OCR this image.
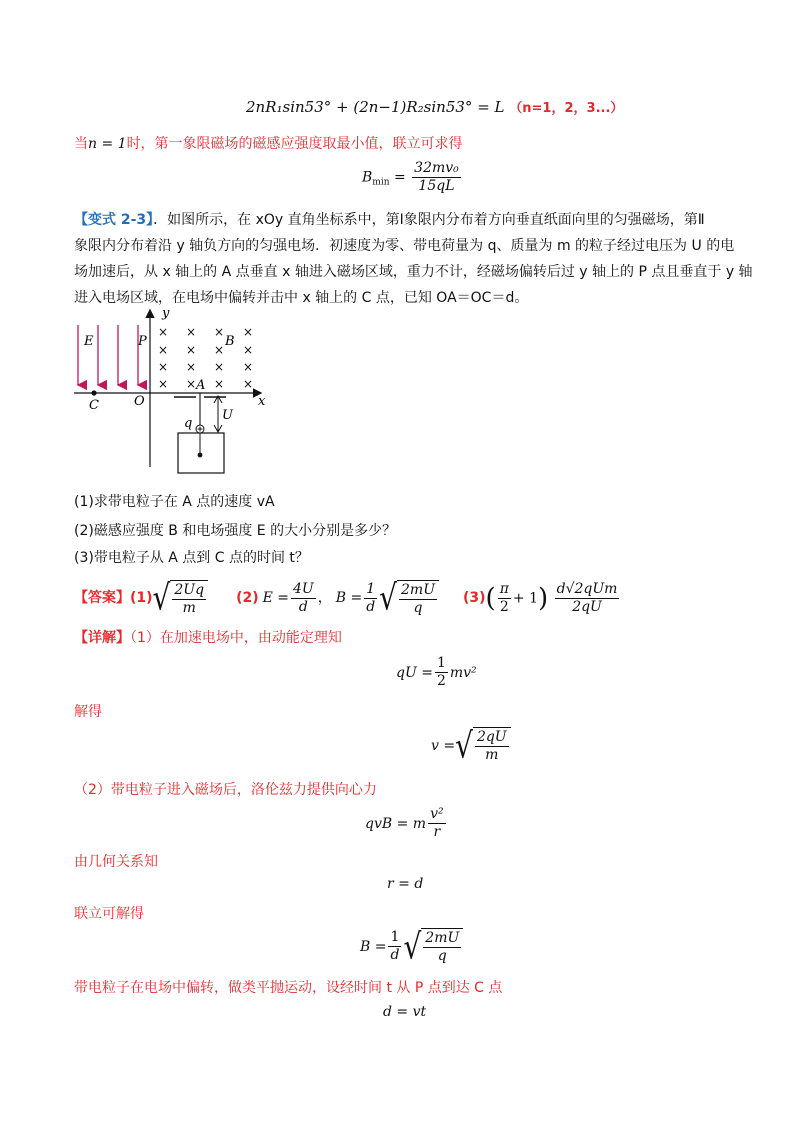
2nR₁sin53° + (2n−1)R₂sin53° = L （n=1，2，3...）
当n = 1时，第一象限磁场的磁感应强度取最小值，联立可求得
$B_{min} = \frac{\text{32mv₀}}{15qL}$
【变式 2-3】．如图所示，在 xOy 直角坐标系中，第Ⅰ象限内分布着方向垂直纸面向里的匀强磁场，第Ⅱ
象限内分布着沿 y 轴负方向的匀强电场．初速度为零、带电荷量为 q、质量为 m 的粒子经过电压为 U 的电
场加速后，从 x 轴上的 A 点垂直 x 轴进入磁场区域，重力不计，经磁场偏转后过 y 轴上的 P 点且垂直于 y 轴
进入电场区域，在电场中偏转并击中 x 轴上的 C 点，已知 OA＝OC＝d。
× × × ×
× × × ×
× × × ×
× × × ×
y
x
E	P	B
A
C	O
U
q
(1)求带电粒子在 A 点的速度 vA
(2)磁感应强度 B 和电场强度 E 的大小分别是多少？
(3)带电粒子从 A 点到 C 点的时间 t？
【答案】 (1) √ $\frac{2Uq}{m} (2) E = \frac{4U}{d}$ ， $B = \frac{1}{d}$ √ $\frac{2mU}{q} (3)$ ( $\frac{\pi}{2} + 1) \frac{\text{d√2qUm}}{2qU}$
【详解】（1）在加速电场中，由动能定理知
qU = $\frac{1}{2} mv^2$
解得
v = √ $\frac{2qU}{m}$
（2）带电粒子进入磁场后，洛伦兹力提供向心力
qvB = m $\frac{\text{v²}}{r}$
由几何关系知
r = d
联立可解得
$B = \frac{1}{d}$ √ $\frac{2mU}{q}$
带电粒子在电场中偏转，做类平抛运动，设经时间 t 从 P 点到达 C 点
d = vt
